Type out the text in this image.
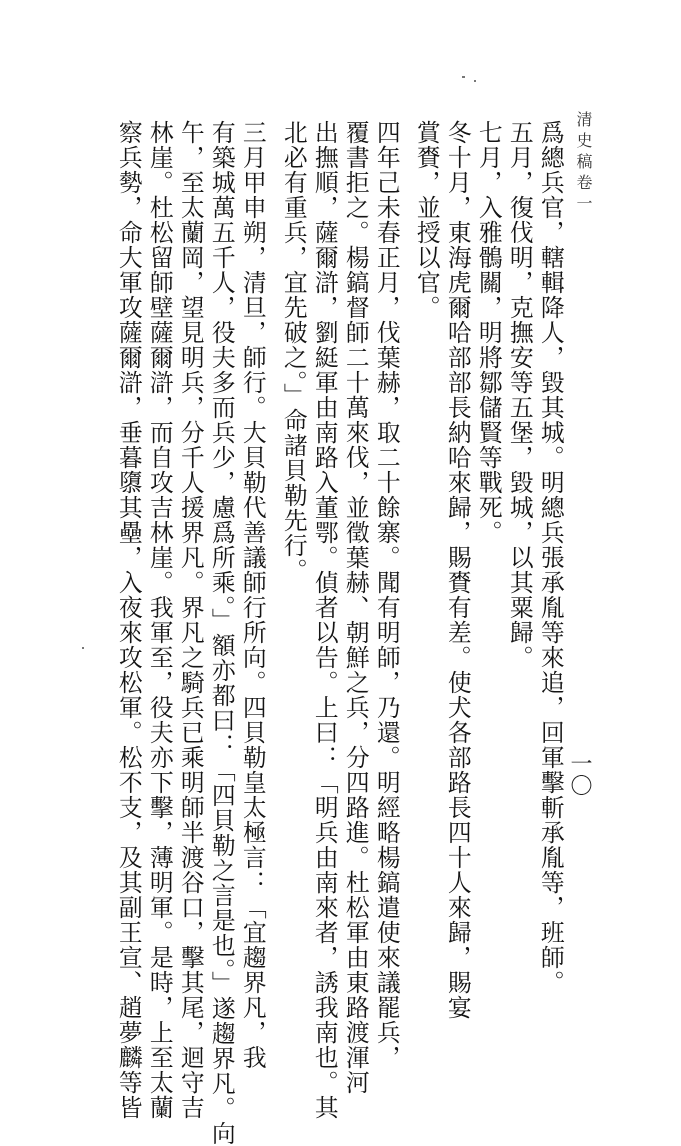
清史稿卷一
一〇

爲總兵官，轄輯降人，毀其城。明總兵張承胤等來追，回軍擊斬承胤等，班師。

五月，復伐明，克撫安等五堡，毀城，以其粟歸。

七月，入雅鶻關，明將鄒儲賢等戰死。

冬十月，東海虎爾哈部部長納哈來歸，賜賚有差。使犬各部路長四十人來歸，賜宴

賞賚，並授以官。

四年己未春正月，伐葉赫，取二十餘寨。聞有明師，乃還。明經略楊鎬遣使來議罷兵，

覆書拒之。楊鎬督師二十萬來伐，並徵葉赫、朝鮮之兵，分四路進。杜松軍由東路渡渾河

出撫順，薩爾滸，劉綎軍由南路入董鄂。偵者以告。上曰：「明兵由南來者，誘我南也。其

北必有重兵，宜先破之。」命諸貝勒先行。

三月甲申朔，清旦，師行。大貝勒代善議師行所向。四貝勒皇太極言：「宜趨界凡，我

有築城萬五千人，役夫多而兵少，慮爲所乘。」額亦都曰：「四貝勒之言是也。」遂趨界凡。向

午，至太蘭岡，望見明兵，分千人援界凡。界凡之騎兵已乘明師半渡谷口，擊其尾，迴守吉

林崖。杜松留師壁薩爾滸，而自攻吉林崖。我軍至，役夫亦下擊，薄明軍。是時，上至太蘭

察兵勢，命大軍攻薩爾滸，垂暮隳其壘，入夜來攻松軍。松不支，及其副王宣、趙夢麟等皆
